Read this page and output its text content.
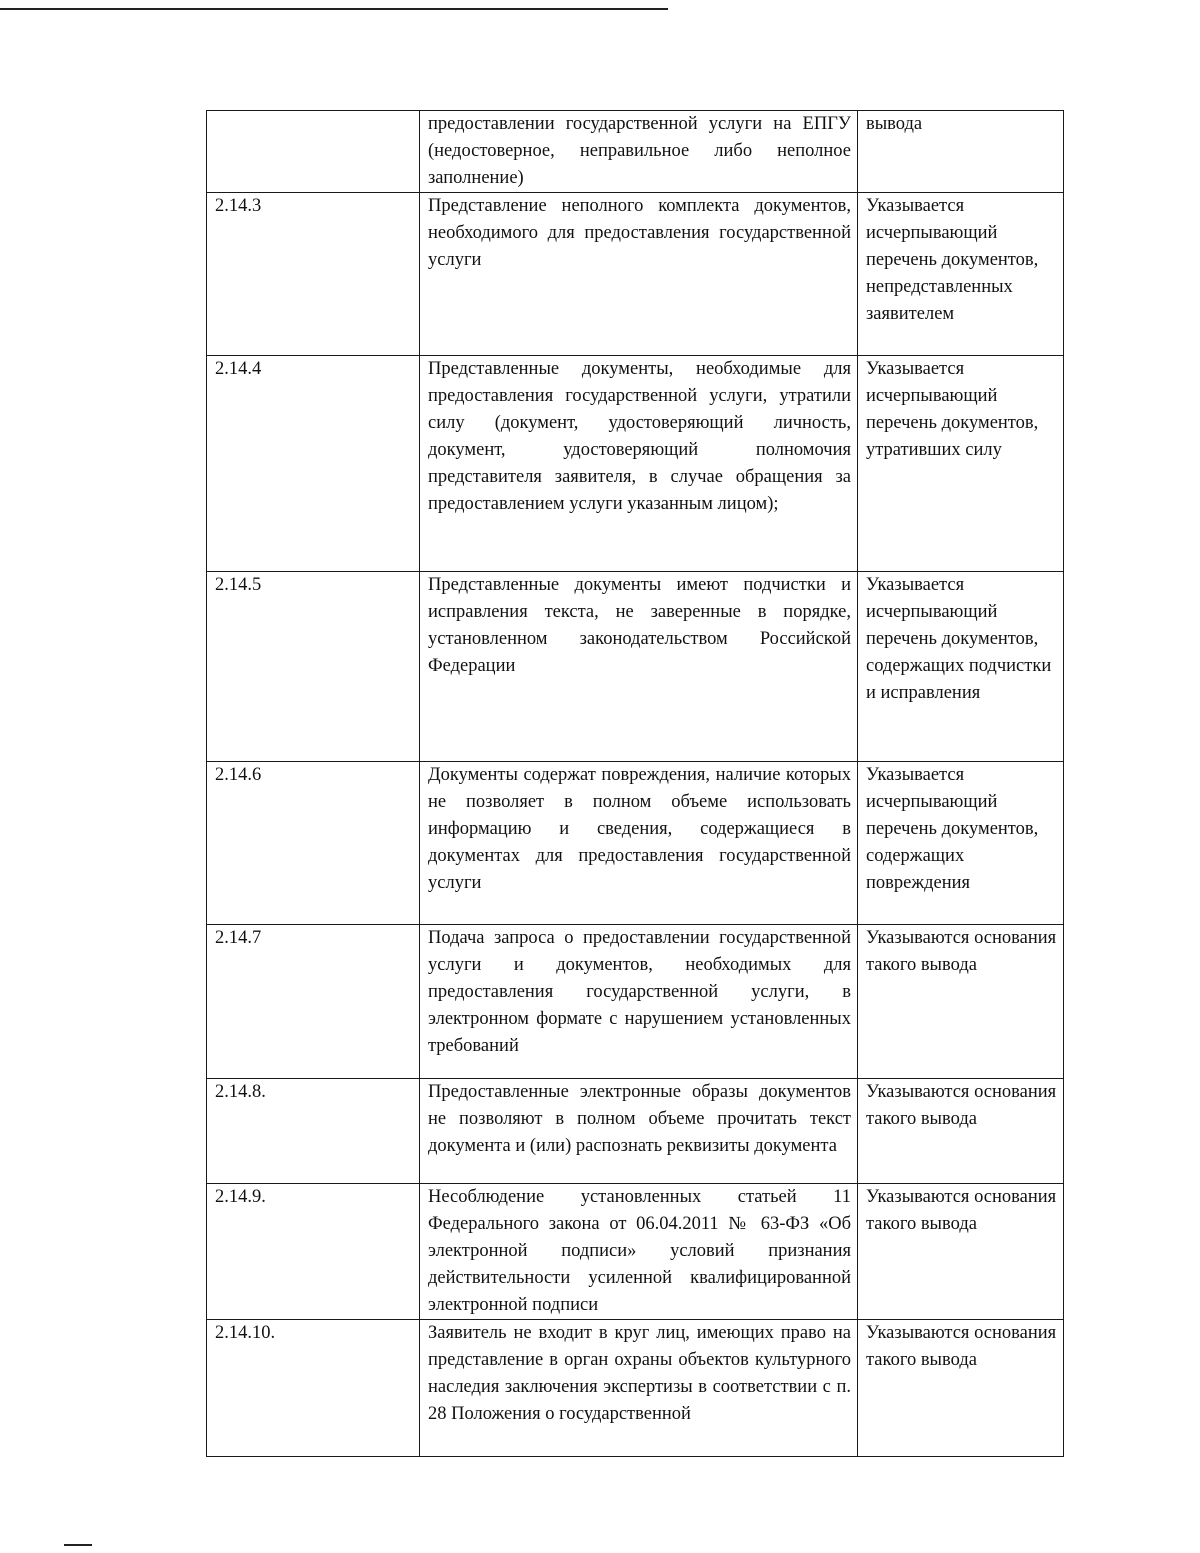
	предоставлении государственной услуги на ЕПГУ (недостоверное, неправильное либо неполное заполнение)	вывода
2.14.3	Представление неполного комплекта документов, необходимого для предоставления государственной услуги	Указывается исчерпывающий перечень документов, непредставленных заявителем
2.14.4	Представленные документы, необходимые для предоставления государственной услуги, утратили силу (документ, удостоверяющий личность, документ, удостоверяющий полномочия представителя заявителя, в случае обращения за предоставлением услуги указанным лицом);	Указывается исчерпывающий перечень документов, утративших силу
2.14.5	Представленные документы имеют подчистки и исправления текста, не заверенные в порядке, установленном законодательством Российской Федерации	Указывается исчерпывающий перечень документов, содержащих подчистки и исправления
2.14.6	Документы содержат повреждения, наличие которых не позволяет в полном объеме использовать информацию и сведения, содержащиеся в документах для предоставления государственной услуги	Указывается исчерпывающий перечень документов, содержащих повреждения
2.14.7	Подача запроса о предоставлении государственной услуги и документов, необходимых для предоставления государственной услуги, в электронном формате с нарушением установленных требований	Указываются основания такого вывода
2.14.8.	Предоставленные электронные образы документов не позволяют в полном объеме прочитать текст документа и (или) распознать реквизиты документа	Указываются основания такого вывода
2.14.9.	Несоблюдение установленных статьей 11 Федерального закона от 06.04.2011 № 63-ФЗ «Об электронной подписи» условий признания действительности усиленной квалифицированной электронной подписи	Указываются основания такого вывода
2.14.10.	Заявитель не входит в круг лиц, имеющих право на представление в орган охраны объектов культурного наследия заключения экспертизы в соответствии с п. 28 Положения о государственной	Указываются основания такого вывода
